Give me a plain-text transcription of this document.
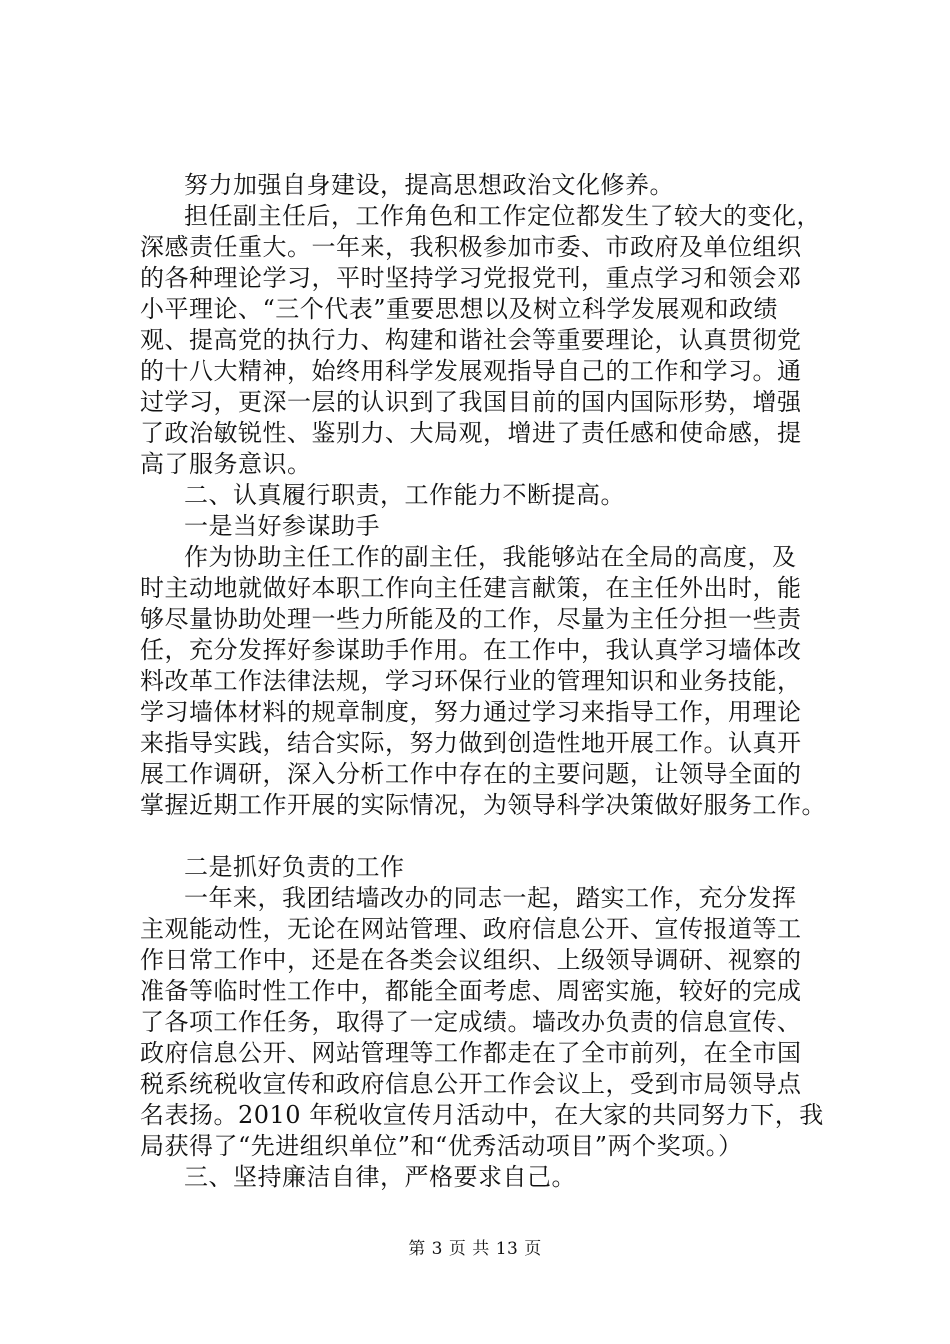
努力加强自身建设，提高思想政治文化修养。
担任副主任后，工作角色和工作定位都发生了较大的变化，
深感责任重大。一年来，我积极参加市委、市政府及单位组织
的各种理论学习，平时坚持学习党报党刊，重点学习和领会邓
小平理论、“三个代表”重要思想以及树立科学发展观和政绩
观、提高党的执行力、构建和谐社会等重要理论，认真贯彻党
的十八大精神，始终用科学发展观指导自己的工作和学习。通
过学习，更深一层的认识到了我国目前的国内国际形势，增强
了政治敏锐性、鉴别力、大局观，增进了责任感和使命感，提
高了服务意识。
二、认真履行职责，工作能力不断提高。
一是当好参谋助手
作为协助主任工作的副主任，我能够站在全局的高度，及
时主动地就做好本职工作向主任建言献策，在主任外出时，能
够尽量协助处理一些力所能及的工作，尽量为主任分担一些责
任，充分发挥好参谋助手作用。在工作中，我认真学习墙体改
料改革工作法律法规，学习环保行业的管理知识和业务技能，
学习墙体材料的规章制度，努力通过学习来指导工作，用理论
来指导实践，结合实际，努力做到创造性地开展工作。认真开
展工作调研，深入分析工作中存在的主要问题，让领导全面的
掌握近期工作开展的实际情况，为领导科学决策做好服务工作。
二是抓好负责的工作
一年来，我团结墙改办的同志一起，踏实工作，充分发挥
主观能动性，无论在网站管理、政府信息公开、宣传报道等工
作日常工作中，还是在各类会议组织、上级领导调研、视察的
准备等临时性工作中，都能全面考虑、周密实施，较好的完成
了各项工作任务，取得了一定成绩。墙改办负责的信息宣传、
政府信息公开、网站管理等工作都走在了全市前列，在全市国
税系统税收宣传和政府信息公开工作会议上，受到市局领导点
名表扬。2010 年税收宣传月活动中，在大家的共同努力下，我
局获得了“先进组织单位”和“优秀活动项目”两个奖项。）
三、坚持廉洁自律，严格要求自己。
第 3 页 共 13 页
